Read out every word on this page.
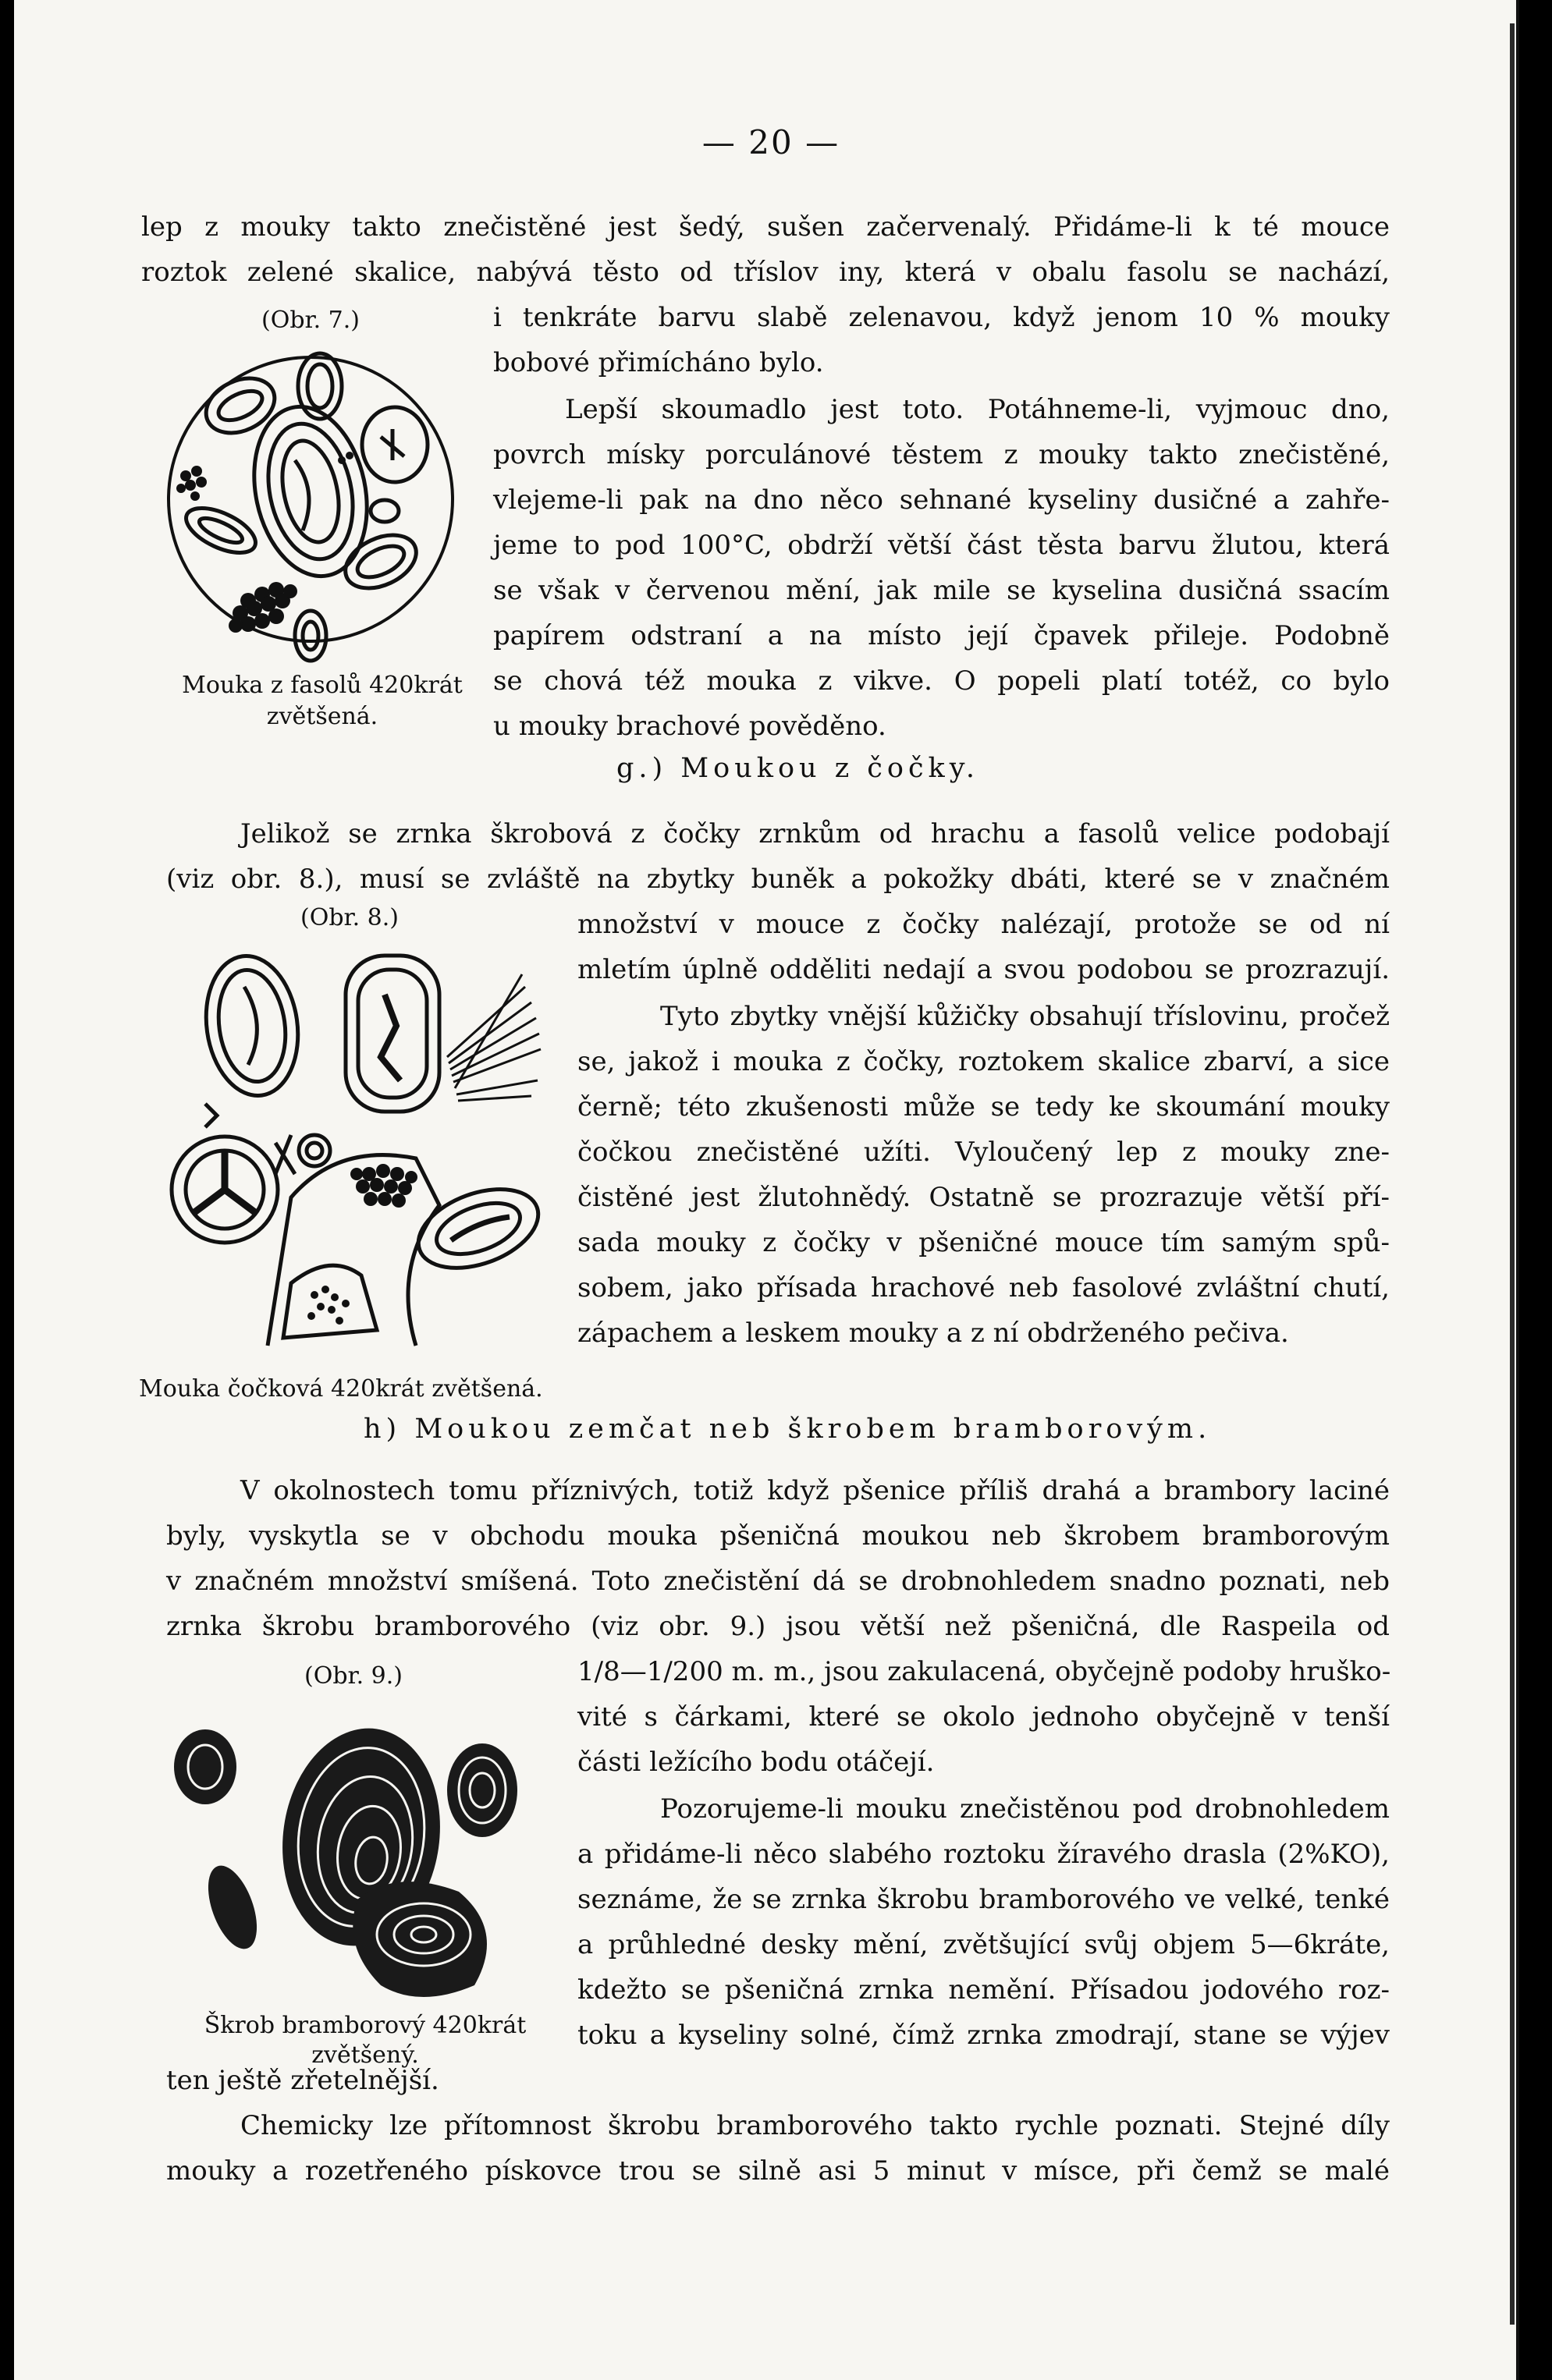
— 20 —
lep z mouky takto znečistěné jest šedý, sušen začervenalý. Přidáme-li k té mouce
roztok zelené skalice, nabývá těsto od tříslov iny, která v obalu fasolu se nachází,
i tenkráte barvu slabě zelenavou, když jenom 10 % mouky
bobové přimícháno bylo.
Lepší skoumadlo jest toto. Potáhneme-li, vyjmouc dno,
povrch mísky porculánové těstem z mouky takto znečistěné,
vlejeme-li pak na dno něco sehnané kyseliny dusičné a zahře-
jeme to pod 100°C, obdrží větší část těsta barvu žlutou, která
se však v červenou mění, jak mile se kyselina dusičná ssacím
papírem odstraní a na místo její čpavek přileje. Podobně
se chová též mouka z vikve. O popeli platí totéž, co bylo
u mouky brachové pověděno.
(Obr. 7.)
Mouka z fasolů 420krát
zvětšená.
g.) Moukou z čočky.
Jelikož se zrnka škrobová z čočky zrnkům od hrachu a fasolů velice podobají
(viz obr. 8.), musí se zvláště na zbytky buněk a pokožky dbáti, které se v značném
množství v mouce z čočky nalézají, protože se od ní
mletím úplně odděliti nedají a svou podobou se prozrazují.
Tyto zbytky vnější kůžičky obsahují tříslovinu, pročež
se, jakož i mouka z čočky, roztokem skalice zbarví, a sice
černě; této zkušenosti může se tedy ke skoumání mouky
čočkou znečistěné užíti. Vyloučený lep z mouky zne-
čistěné jest žlutohnědý. Ostatně se prozrazuje větší pří-
sada mouky z čočky v pšeničné mouce tím samým spů-
sobem, jako přísada hrachové neb fasolové zvláštní chutí,
zápachem a leskem mouky a z ní obdrženého pečiva.
(Obr. 8.)
Mouka čočková 420krát zvětšená.
h) Moukou zemčat neb škrobem bramborovým.
V okolnostech tomu příznivých, totiž když pšenice příliš drahá a brambory laciné
byly, vyskytla se v obchodu mouka pšeničná moukou neb škrobem bramborovým
v značném množství smíšená. Toto znečistění dá se drobnohledem snadno poznati, neb
zrnka škrobu bramborového (viz obr. 9.) jsou větší než pšeničná, dle Raspeila od
1/8—1/200 m. m., jsou zakulacená, obyčejně podoby hruško-
vité s čárkami, které se okolo jednoho obyčejně v tenší
části ležícího bodu otáčejí.
Pozorujeme-li mouku znečistěnou pod drobnohledem
a přidáme-li něco slabého roztoku žíravého drasla (2%KO),
seznáme, že se zrnka škrobu bramborového ve velké, tenké
a průhledné desky mění, zvětšující svůj objem 5—6kráte,
kdežto se pšeničná zrnka nemění. Přísadou jodového roz-
toku a kyseliny solné, čímž zrnka zmodrají, stane se výjev
ten ještě zřetelnější.
(Obr. 9.)
Škrob bramborový 420krát
zvětšený.
Chemicky lze přítomnost škrobu bramborového takto rychle poznati. Stejné díly
mouky a rozetřeného pískovce trou se silně asi 5 minut v mísce, při čemž se malé
